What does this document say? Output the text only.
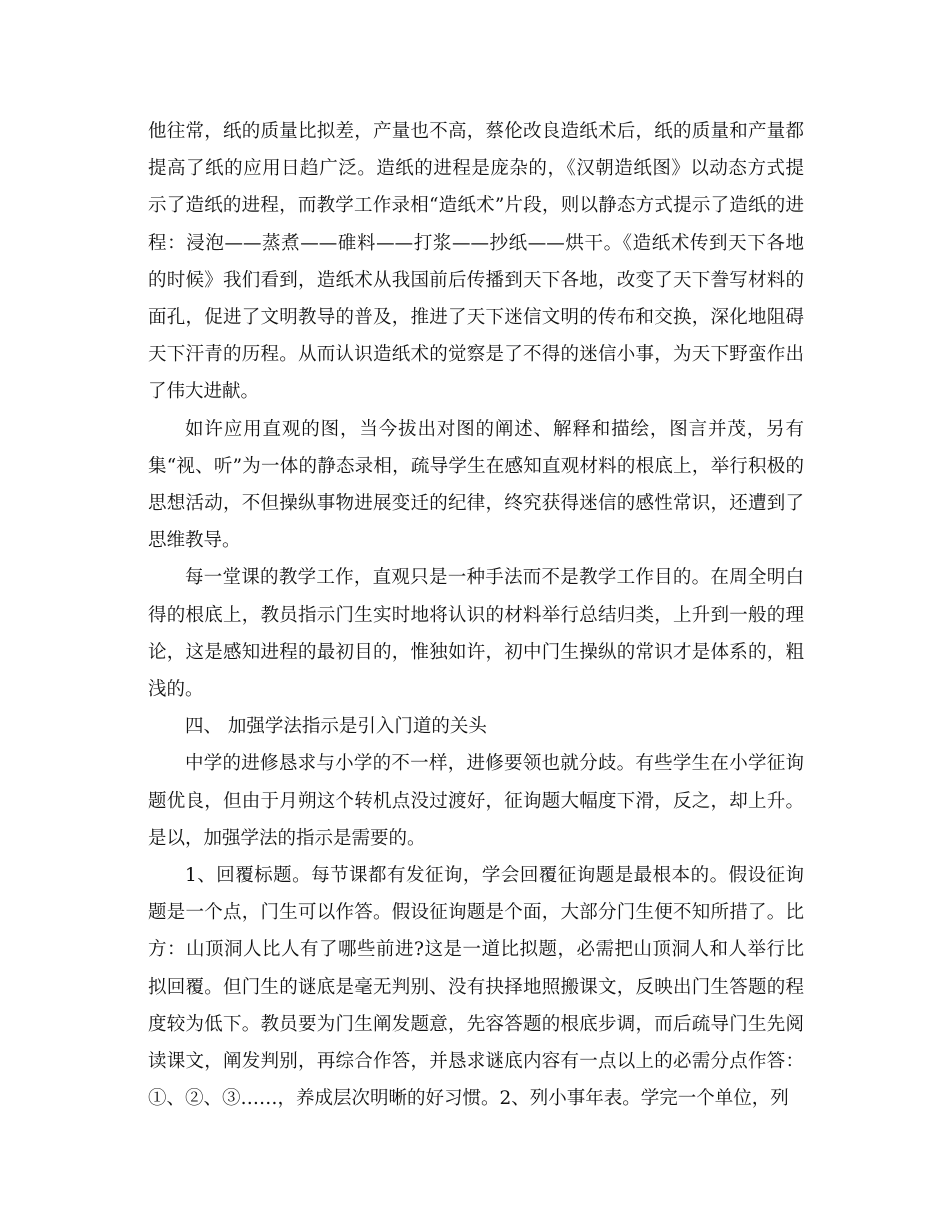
他往常，纸的质量比拟差，产量也不高，蔡伦改良造纸术后，纸的质量和产量都提高了纸的应用日趋广泛。造纸的进程是庞杂的，《汉朝造纸图》以动态方式提示了造纸的进程，而教学工作录相“造纸术”片段，则以静态方式提示了造纸的进程：浸泡——蒸煮——碓料——打浆——抄纸——烘干。《造纸术传到天下各地的时候》我们看到，造纸术从我国前后传播到天下各地，改变了天下誊写材料的面孔，促进了文明教导的普及，推进了天下迷信文明的传布和交换，深化地阻碍天下汗青的历程。从而认识造纸术的觉察是了不得的迷信小事，为天下野蛮作出了伟大进献。

如许应用直观的图，当今拔出对图的阐述、解释和描绘，图言并茂，另有集“视、听”为一体的静态录相，疏导学生在感知直观材料的根底上，举行积极的思想活动，不但操纵事物进展变迁的纪律，终究获得迷信的感性常识，还遭到了思维教导。

每一堂课的教学工作，直观只是一种手法而不是教学工作目的。在周全明白得的根底上，教员指示门生实时地将认识的材料举行总结归类，上升到一般的理论，这是感知进程的最初目的，惟独如许，初中门生操纵的常识才是体系的，粗浅的。

四、 加强学法指示是引入门道的关头

中学的进修恳求与小学的不一样，进修要领也就分歧。有些学生在小学征询题优良，但由于月朔这个转机点没过渡好，征询题大幅度下滑，反之，却上升。是以，加强学法的指示是需要的。

1、回覆标题。每节课都有发征询，学会回覆征询题是最根本的。假设征询题是一个点，门生可以作答。假设征询题是个面，大部分门生便不知所措了。比方：山顶洞人比人有了哪些前进?这是一道比拟题，必需把山顶洞人和人举行比拟回覆。但门生的谜底是毫无判别、没有抉择地照搬课文，反映出门生答题的程度较为低下。教员要为门生阐发题意，先容答题的根底步调，而后疏导门生先阅读课文，阐发判别，再综合作答，并恳求谜底内容有一点以上的必需分点作答：①、②、③……，养成层次明晰的好习惯。2、列小事年表。学完一个单位，列
